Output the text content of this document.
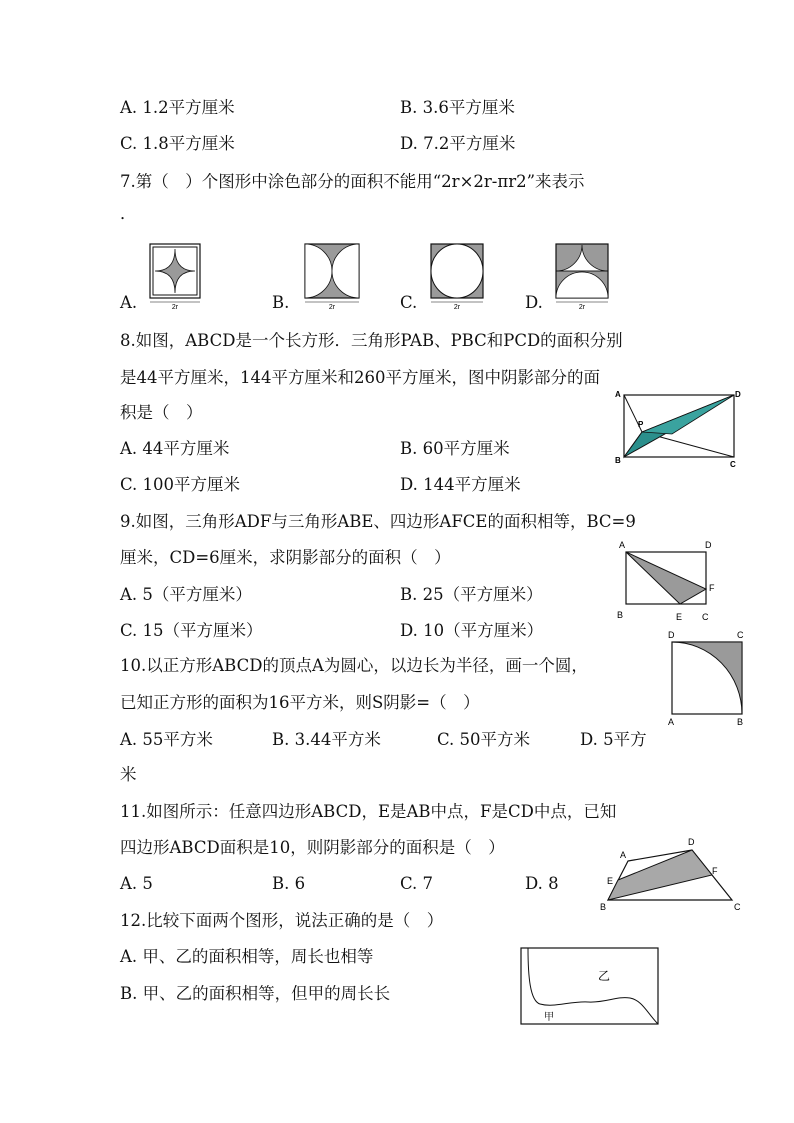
A. 1.2平方厘米	B. 3.6平方厘米
C. 1.8平方厘米	D. 7.2平方厘米
7.第（　）个图形中涂色部分的面积不能用“2r×2r-πr2”来表示
．
A.	2r	B.	2r	C.	2r	D.	2r
8.如图，ABCD是一个长方形．三角形PAB、PBC和PCD的面积分别
是44平方厘米，144平方厘米和260平方厘米，图中阴影部分的面
积是（　）
A. 44平方厘米	B. 60平方厘米
C. 100平方厘米	D. 144平方厘米
A	D
P
B	C
9.如图，三角形ADF与三角形ABE、四边形AFCE的面积相等，BC=9
厘米，CD=6厘米，求阴影部分的面积（　）
A. 5（平方厘米）	B. 25（平方厘米）
C. 15（平方厘米）	D. 10（平方厘米）
A	D
F
B	E C
10.以正方形ABCD的顶点A为圆心，以边长为半径，画一个圆，
已知正方形的面积为16平方米，则S阴影=（　）
A. 55平方米	B. 3.44平方米	C. 50平方米	D. 5平方
米
D	C
A	B
11.如图所示：任意四边形ABCD，E是AB中点，F是CD中点，已知
四边形ABCD面积是10，则阴影部分的面积是（　）
A. 5	B. 6	C. 7	D. 8
A
D
E
F
B	C
12.比较下面两个图形，说法正确的是（　）
A. 甲、乙的面积相等，周长也相等
B. 甲、乙的面积相等，但甲的周长长
乙
甲
